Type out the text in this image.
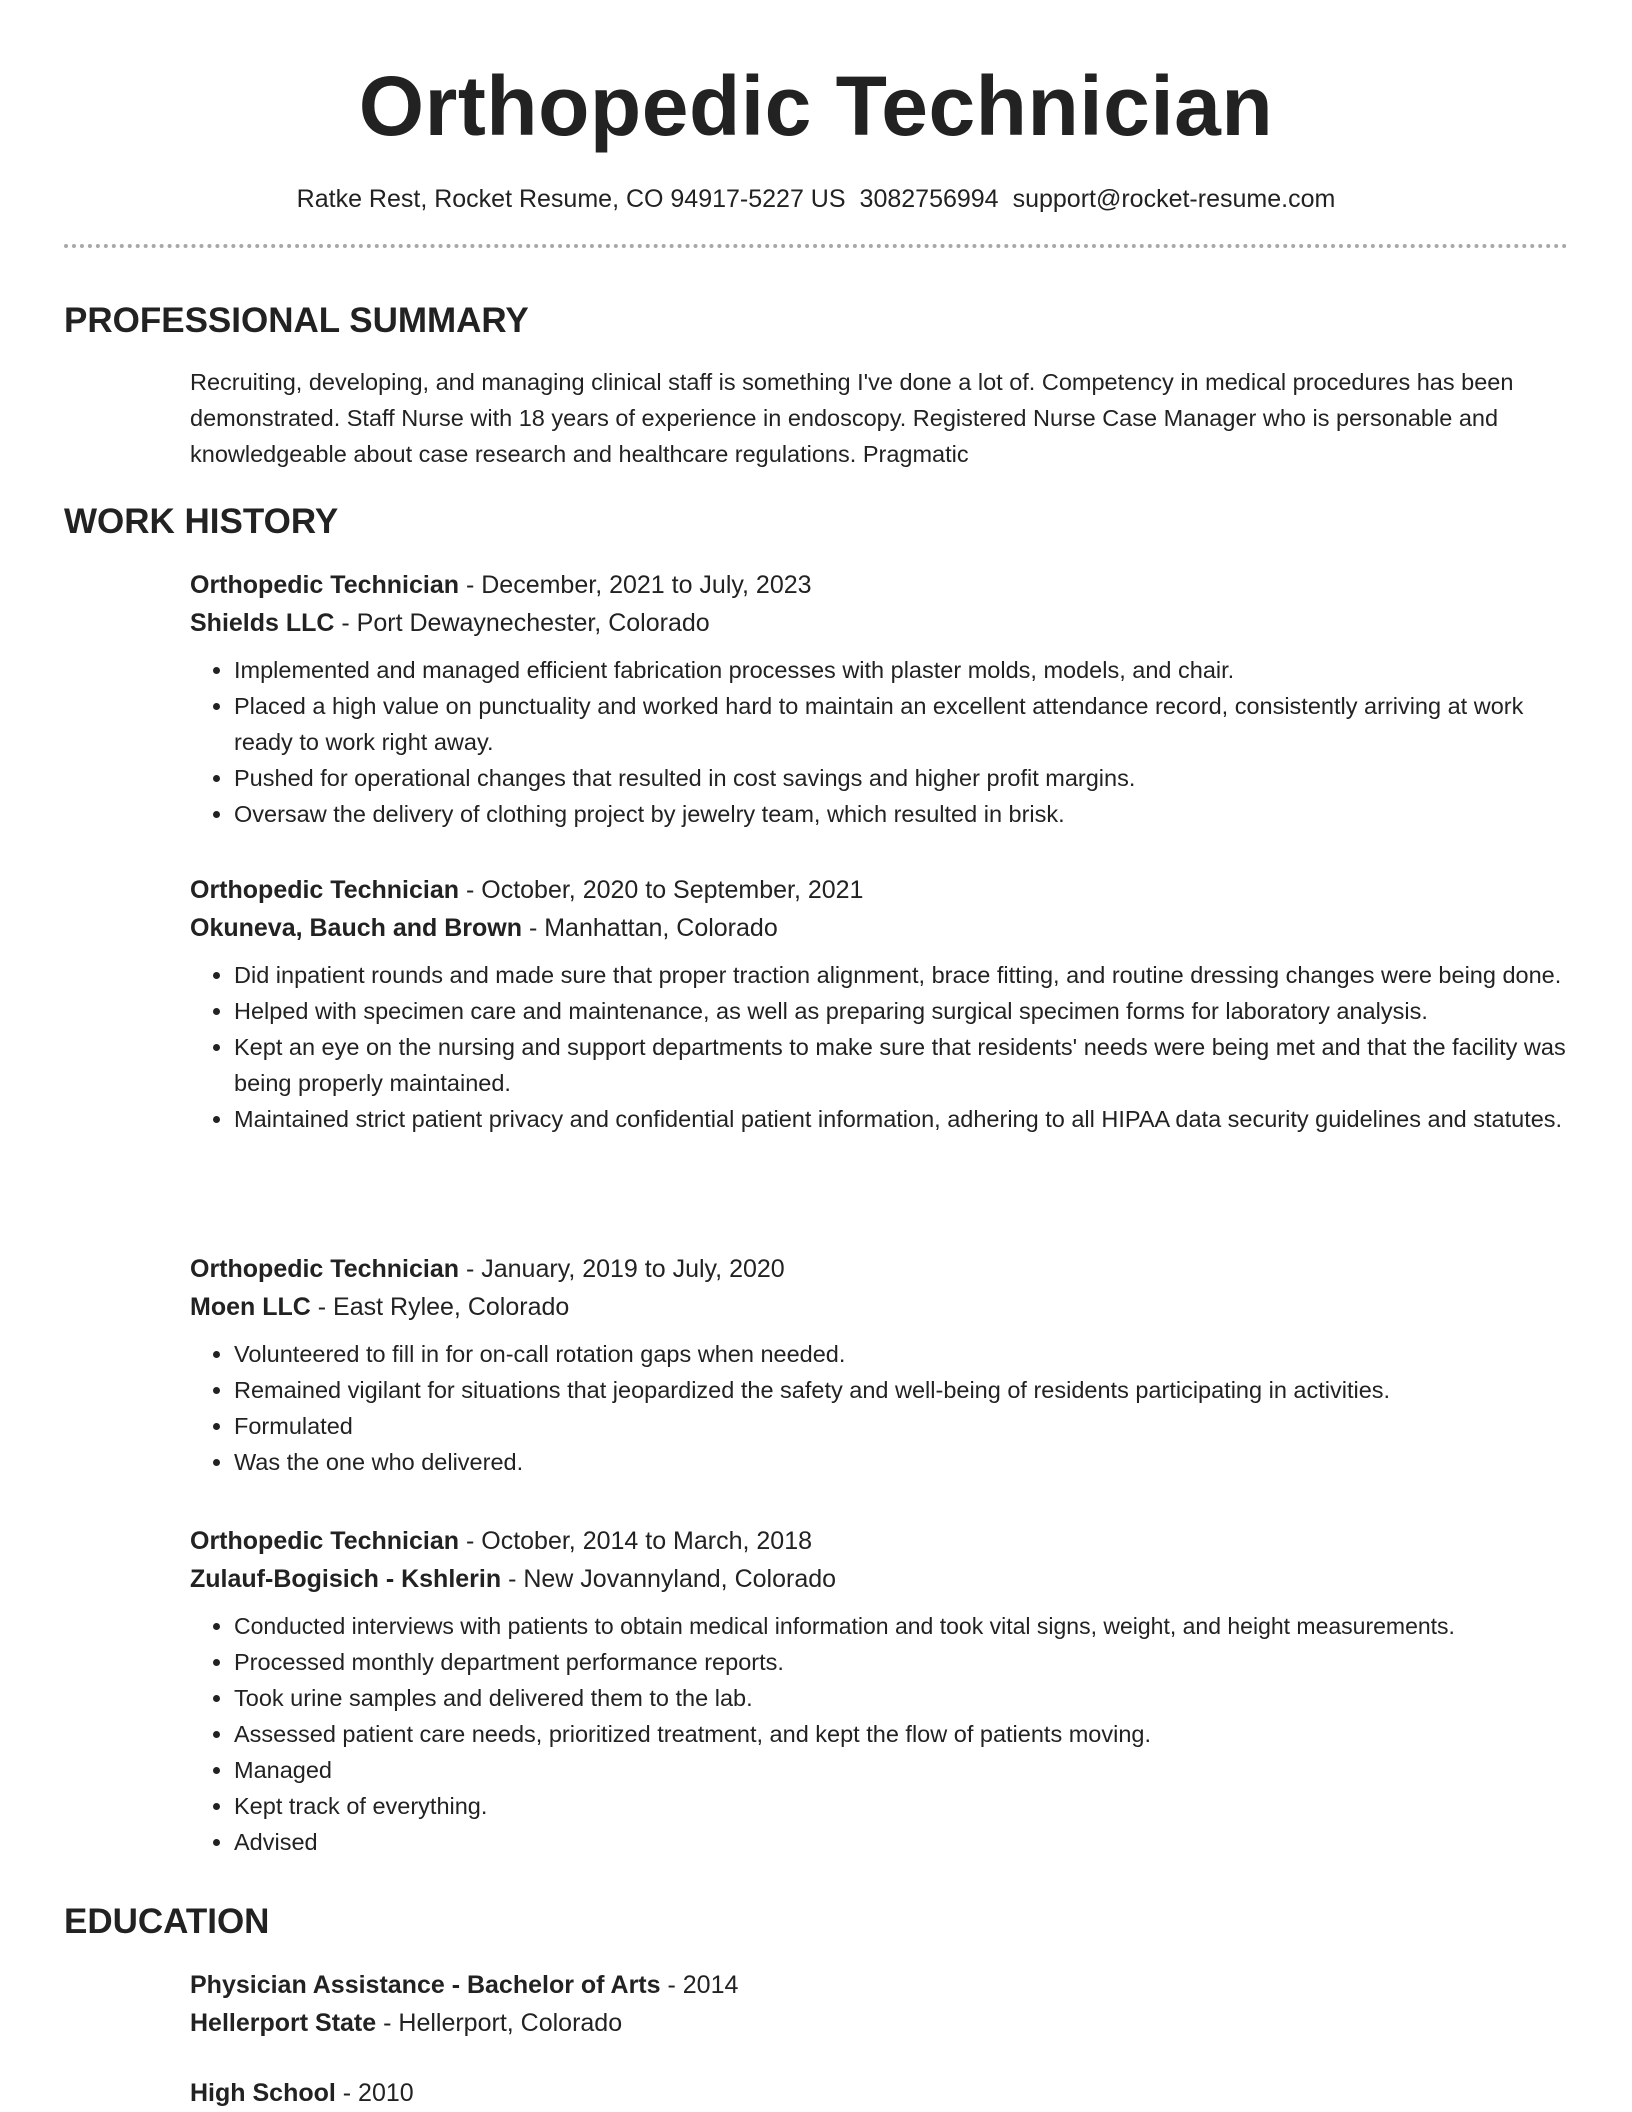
Orthopedic Technician
Ratke Rest, Rocket Resume, CO 94917-5227 US 3082756994 support@rocket-resume.com
PROFESSIONAL SUMMARY

Recruiting, developing, and managing clinical staff is something I've done a lot of. Competency in medical procedures has been demonstrated. Staff Nurse with 18 years of experience in endoscopy. Registered Nurse Case Manager who is personable and knowledgeable about case research and healthcare regulations. Pragmatic

WORK HISTORY
Orthopedic Technician - December, 2021 to July, 2023
Shields LLC - Port Dewaynechester, Colorado
• Implemented and managed efficient fabrication processes with plaster molds, models, and chair.
• Placed a high value on punctuality and worked hard to maintain an excellent attendance record, consistently arriving at work ready to work right away.
• Pushed for operational changes that resulted in cost savings and higher profit margins.
• Oversaw the delivery of clothing project by jewelry team, which resulted in brisk.
Orthopedic Technician - October, 2020 to September, 2021
Okuneva, Bauch and Brown - Manhattan, Colorado
• Did inpatient rounds and made sure that proper traction alignment, brace fitting, and routine dressing changes were being done.
• Helped with specimen care and maintenance, as well as preparing surgical specimen forms for laboratory analysis.
• Kept an eye on the nursing and support departments to make sure that residents' needs were being met and that the facility was being properly maintained.
• Maintained strict patient privacy and confidential patient information, adhering to all HIPAA data security guidelines and statutes.
Orthopedic Technician - January, 2019 to July, 2020
Moen LLC - East Rylee, Colorado
• Volunteered to fill in for on-call rotation gaps when needed.
• Remained vigilant for situations that jeopardized the safety and well-being of residents participating in activities.
• Formulated
• Was the one who delivered.
Orthopedic Technician - October, 2014 to March, 2018
Zulauf-Bogisich - Kshlerin - New Jovannyland, Colorado
• Conducted interviews with patients to obtain medical information and took vital signs, weight, and height measurements.
• Processed monthly department performance reports.
• Took urine samples and delivered them to the lab.
• Assessed patient care needs, prioritized treatment, and kept the flow of patients moving.
• Managed
• Kept track of everything.
• Advised
EDUCATION
Physician Assistance - Bachelor of Arts - 2014
Hellerport State - Hellerport, Colorado
High School - 2010
